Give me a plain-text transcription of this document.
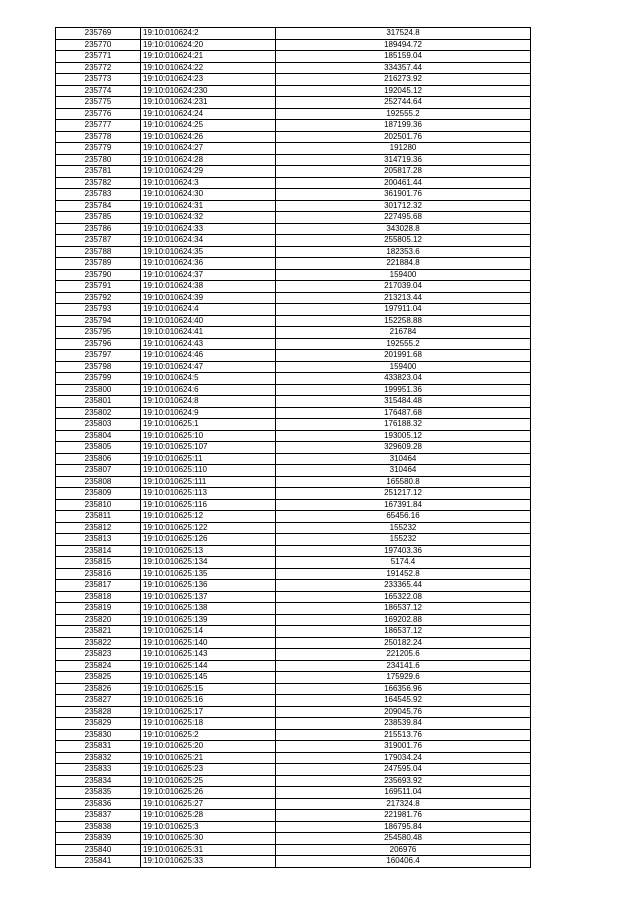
235769	19:10:010624:2	317524.8
235770	19:10:010624:20	189494.72
235771	19:10:010624:21	185159.04
235772	19:10:010624:22	334357.44
235773	19:10:010624:23	216273.92
235774	19:10:010624:230	192045.12
235775	19:10:010624:231	252744.64
235776	19:10:010624:24	192555.2
235777	19:10:010624:25	187199.36
235778	19:10:010624:26	202501.76
235779	19:10:010624:27	191280
235780	19:10:010624:28	314719.36
235781	19:10:010624:29	205817.28
235782	19:10:010624:3	200461.44
235783	19:10:010624:30	361901.76
235784	19:10:010624:31	301712.32
235785	19:10:010624:32	227495.68
235786	19:10:010624:33	343028.8
235787	19:10:010624:34	255805.12
235788	19:10:010624:35	182353.6
235789	19:10:010624:36	221884.8
235790	19:10:010624:37	159400
235791	19:10:010624:38	217039.04
235792	19:10:010624:39	213213.44
235793	19:10:010624:4	197911.04
235794	19:10:010624:40	152258.88
235795	19:10:010624:41	216784
235796	19:10:010624:43	192555.2
235797	19:10:010624:46	201991.68
235798	19:10:010624:47	159400
235799	19:10:010624:5	433823.04
235800	19:10:010624:6	199951.36
235801	19:10:010624:8	315484.48
235802	19:10:010624:9	176487.68
235803	19:10:010625:1	176188.32
235804	19:10:010625:10	193005.12
235805	19:10:010625:107	329609.28
235806	19:10:010625:11	310464
235807	19:10:010625:110	310464
235808	19:10:010625:111	165580.8
235809	19:10:010625:113	251217.12
235810	19:10:010625:116	167391.84
235811	19:10:010625:12	65456.16
235812	19:10:010625:122	155232
235813	19:10:010625:126	155232
235814	19:10:010625:13	197403.36
235815	19:10:010625:134	5174.4
235816	19:10:010625:135	191452.8
235817	19:10:010625:136	233365.44
235818	19:10:010625:137	165322.08
235819	19:10:010625:138	186537.12
235820	19:10:010625:139	169202.88
235821	19:10:010625:14	186537.12
235822	19:10:010625:140	250182.24
235823	19:10:010625:143	221205.6
235824	19:10:010625:144	234141.6
235825	19:10:010625:145	175929.6
235826	19:10:010625:15	166356.96
235827	19:10:010625:16	164545.92
235828	19:10:010625:17	209045.76
235829	19:10:010625:18	238539.84
235830	19:10:010625:2	215513.76
235831	19:10:010625:20	319001.76
235832	19:10:010625:21	179034.24
235833	19:10:010625:23	247595.04
235834	19:10:010625:25	235693.92
235835	19:10:010625:26	169511.04
235836	19:10:010625:27	217324.8
235837	19:10:010625:28	221981.76
235838	19:10:010625:3	186795.84
235839	19:10:010625:30	254580.48
235840	19:10:010625:31	206976
235841	19:10:010625:33	160406.4
